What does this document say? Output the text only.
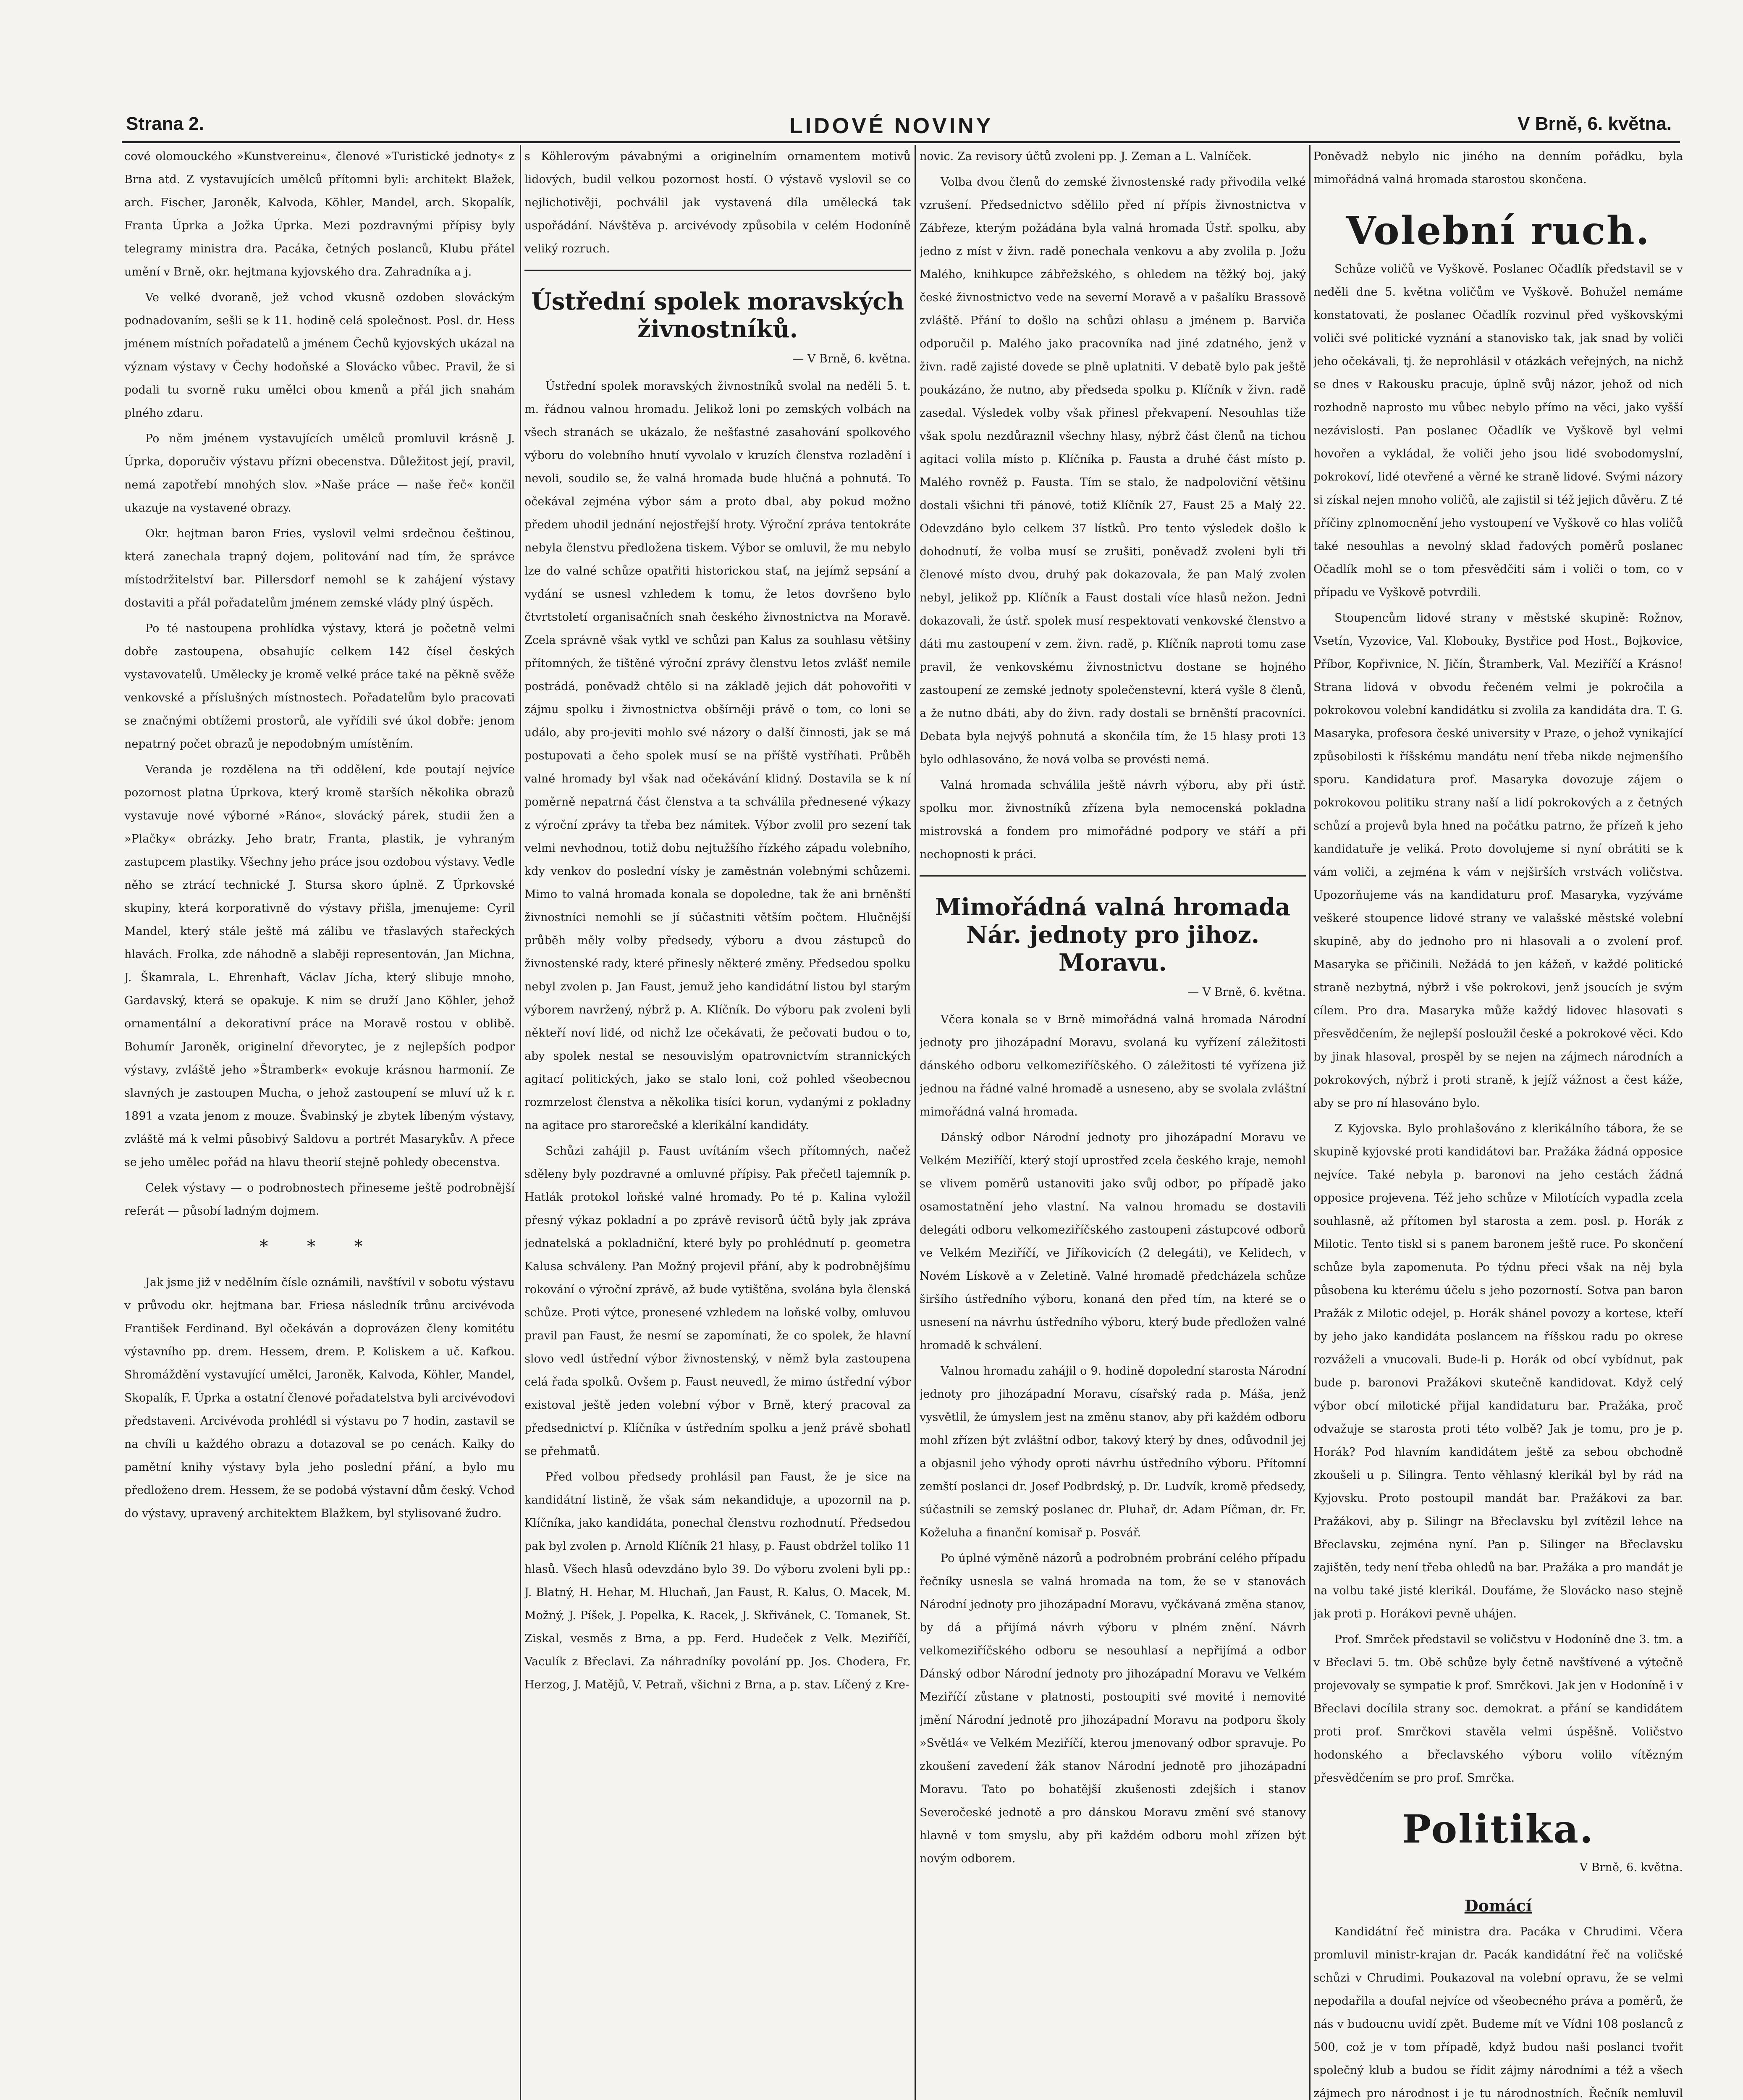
Strana 2.	LIDOVÉ NOVINY	V Brně, 6. května.

cové olomouckého »Kunstvereinu«, členové »Turistické jednoty« z Brna atd. Z vystavujících umělců přítomni byli: architekt Blažek, arch. Fischer, Jaroněk, Kalvoda, Köhler, Mandel, arch. Skopalík, Franta Úprka a Jožka Úprka. Mezi pozdravnými přípisy byly telegramy ministra dra. Pacáka, četných poslanců, Klubu přátel umění v Brně, okr. hejtmana kyjovského dra. Zahradníka a j.

Ve velké dvoraně, jež vchod vkusně ozdoben slováckým podnadovaním, sešli se k 11. hodině celá společnost. Posl. dr. Hess jménem místních pořadatelů a jménem Čechů kyjovských ukázal na význam výstavy v Čechy hodoňské a Slovácko vůbec. Pravil, že si podali tu svorně ruku umělci obou kmenů a přál jich snahám plného zdaru.

Po něm jménem vystavujících umělců promluvil krásně J. Úprka, doporučiv výstavu přízni obecenstva. Důležitost její, pravil, nemá zapotřebí mnohých slov. »Naše práce — naše řeč« končil ukazuje na vystavené obrazy.

Okr. hejtman baron Fries, vyslovil velmi srdečnou češtinou, která zanechala trapný dojem, politování nad tím, že správce místodržitelství bar. Pillersdorf nemohl se k zahájení výstavy dostaviti a přál pořadatelům jménem zemské vlády plný úspěch.

Po té nastoupena prohlídka výstavy, která je početně velmi dobře zastoupena, obsahujíc celkem 142 čísel českých vystavovatelů. Umělecky je kromě velké práce také na pěkně svěže venkovské a příslušných místnostech. Pořadatelům bylo pracovati se značnými obtížemi prostorů, ale vyřídili své úkol dobře: jenom nepatrný počet obrazů je nepodobným umístěním.

Veranda je rozdělena na tři oddělení, kde poutají nejvíce pozornost platna Úprkova, který kromě starších několika obrazů vystavuje nové výborné »Ráno«, slovácký párek, studii žen a »Plačky« obrázky. Jeho bratr, Franta, plastik, je vyhraným zastupcem plastiky. Všechny jeho práce jsou ozdobou výstavy. Vedle něho se ztrácí technické J. Stursa skoro úplně. Z Úprkovské skupiny, která korporativně do výstavy přišla, jmenujeme: Cyril Mandel, který stále ještě má zálibu ve třaslavých stařeckých hlavách. Frolka, zde náhodně a slaběji representován, Jan Michna, J. Škamrala, L. Ehrenhaft, Václav Jícha, který slibuje mnoho, Gardavský, která se opakuje. K nim se druží Jano Köhler, jehož ornamentální a dekorativní práce na Moravě rostou v oblibě. Bohumír Jaroněk, originelní dřevorytec, je z nejlepších podpor výstavy, zvláště jeho »Štramberk« evokuje krásnou harmonií. Ze slavných je zastoupen Mucha, o jehož zastoupení se mluví už k r. 1891 a vzata jenom z mouze. Švabinský je zbytek líbeným výstavy, zvláště má k velmi působivý Saldovu a portrét Masarykův. A přece se jeho umělec pořád na hlavu theorií stejně pohledy obecenstva.

Celek výstavy — o podrobnostech přineseme ještě podrobnější referát — působí ladným dojmem.

* * *

Jak jsme již v nedělním čísle oznámili, navštívil v sobotu výstavu v průvodu okr. hejtmana bar. Friesa následník trůnu arcivévoda František Ferdinand. Byl očekáván a doprovázen členy komitétu výstavního pp. drem. Hessem, drem. P. Koliskem a uč. Kafkou. Shromáždění vystavující umělci, Jaroněk, Kalvoda, Köhler, Mandel, Skopalík, F. Úprka a ostatní členové pořadatelstva byli arcivévodovi představeni. Arcivévoda prohlédl si výstavu po 7 hodin, zastavil se na chvíli u každého obrazu a dotazoval se po cenách. Kaiky do pamětní knihy výstavy byla jeho poslední přání, a bylo mu předloženo drem. Hessem, že se podobá výstavní dům český. Vchod do výstavy, upravený architektem Blažkem, byl stylisované žudro.

s Köhlerovým pávabnými a originelním ornamentem motivů lidových, budil velkou pozornost hostí. O výstavě vyslovil se co nejlichotivěji, pochválil jak vystavená díla umělecká tak uspořádání. Návštěva p. arcivévody způsobila v celém Hodoníně veliký rozruch.

Ústřední spolek moravských živnostníků.
— V Brně, 6. května.

Ústřední spolek moravských živnostníků svolal na neděli 5. t. m. řádnou valnou hromadu. Jelikož loni po zemských volbách na všech stranách se ukázalo, že nešťastné zasahování spolkového výboru do volebního hnutí vyvolalo v kruzích členstva rozladění i nevoli, soudilo se, že valná hromada bude hlučná a pohnutá. To očekával zejména výbor sám a proto dbal, aby pokud možno předem uhodil jednání nejostřejší hroty. Výroční zpráva tentokráte nebyla členstvu předložena tiskem. Výbor se omluvil, že mu nebylo lze do valné schůze opatřiti historickou stať, na jejímž sepsání a vydání se usnesl vzhledem k tomu, že letos dovršeno bylo čtvrtstoletí organisačních snah českého živnostnictva na Moravě. Zcela správně však vytkl ve schůzi pan Kalus za souhlasu většiny přítomných, že tištěné výroční zprávy členstvu letos zvlášť nemile postrádá, poněvadž chtělo si na základě jejich dát pohovořiti v zájmu spolku i živnostnictva obšírněji právě o tom, co loni se událo, aby pro-jeviti mohlo své názory o další činnosti, jak se má postupovati a čeho spolek musí se na příště vystříhati. Průběh valné hromady byl však nad očekávání klidný. Dostavila se k ní poměrně nepatrná část členstva a ta schválila přednesené výkazy z výroční zprávy ta třeba bez námitek. Výbor zvolil pro sezení tak velmi nevhodnou, totiž dobu nejtužšího řízkého západu volebního, kdy venkov do poslední vísky je zaměstnán volebnými schůzemi. Mimo to valná hromada konala se dopoledne, tak že ani brněnští živnostníci nemohli se jí súčastniti větším počtem. Hlučnější průběh měly volby předsedy, výboru a dvou zástupců do živnostenské rady, které přinesly některé změny. Předsedou spolku nebyl zvolen p. Jan Faust, jemuž jeho kandidátní listou byl starým výborem navržený, nýbrž p. A. Klíčník. Do výboru pak zvoleni byli někteří noví lidé, od nichž lze očekávati, že pečovati budou o to, aby spolek nestal se nesouvislým opatrovnictvím strannických agitací politických, jako se stalo loni, což pohled všeobecnou rozmrzelost členstva a několika tisíci korun, vydanými z pokladny na agitace pro starorečské a klerikální kandidáty.

Schůzi zahájil p. Faust uvítáním všech přítomných, načež sděleny byly pozdravné a omluvné přípisy. Pak přečetl tajemník p. Hatlák protokol loňské valné hromady. Po té p. Kalina vyložil přesný výkaz pokladní a po zprávě revisorů účtů byly jak zpráva jednatelská a pokladniční, které byly po prohlédnutí p. geometra Kalusa schváleny. Pan Možný projevil přání, aby k podrobnějšímu rokování o výroční zprávě, až bude vytištěna, svolána byla členská schůze. Proti výtce, pronesené vzhledem na loňské volby, omluvou pravil pan Faust, že nesmí se zapomínati, že co spolek, že hlavní slovo vedl ústřední výbor živnostenský, v němž byla zastoupena celá řada spolků. Ovšem p. Faust neuvedl, že mimo ústřední výbor existoval ještě jeden volební výbor v Brně, který pracoval za předsednictví p. Klíčníka v ústředním spolku a jenž právě sbohatl se přehmatů.

Před volbou předsedy prohlásil pan Faust, že je sice na kandidátní listině, že však sám nekandiduje, a upozornil na p. Klíčníka, jako kandidáta, ponechal členstvu rozhodnutí. Předsedou pak byl zvolen p. Arnold Klíčník 21 hlasy, p. Faust obdržel toliko 11 hlasů. Všech hlasů odevzdáno bylo 39. Do výboru zvoleni byli pp.: J. Blatný, H. Hehar, M. Hluchaň, Jan Faust, R. Kalus, O. Macek, M. Možný, J. Píšek, J. Popelka, K. Racek, J. Skřivánek, C. Tomanek, St. Ziskal, vesměs z Brna, a pp. Ferd. Hudeček z Velk. Meziříčí, Vaculík z Břeclavi. Za náhradníky povolání pp. Jos. Chodera, Fr. Herzog, J. Matějů, V. Petraň, všichni z Brna, a p. stav. Líčený z Kre-

novic. Za revisory účtů zvoleni pp. J. Zeman a L. Valníček.

Volba dvou členů do zemské živnostenské rady přivodila velké vzrušení. Předsednictvo sdělilo před ní přípis živnostnictva v Zábřeze, kterým požádána byla valná hromada Ústř. spolku, aby jedno z míst v živn. radě ponechala venkovu a aby zvolila p. Jožu Malého, knihkupce zábřežského, s ohledem na těžký boj, jaký české živnostnictvo vede na severní Moravě a v pašalíku Brassově zvláště. Přání to došlo na schůzi ohlasu a jménem p. Barviča odporučil p. Malého jako pracovníka nad jiné zdatného, jenž v živn. radě zajisté dovede se plně uplatniti. V debatě bylo pak ještě poukázáno, že nutno, aby předseda spolku p. Klíčník v živn. radě zasedal. Výsledek volby však přinesl překvapení. Nesouhlas tiže však spolu nezdůraznil všechny hlasy, nýbrž část členů na tichou agitaci volila místo p. Klíčníka p. Fausta a druhé část místo p. Malého rovněž p. Fausta. Tím se stalo, že nadpoloviční většinu dostali všichni tři pánové, totiž Klíčník 27, Faust 25 a Malý 22. Odevzdáno bylo celkem 37 lístků. Pro tento výsledek došlo k dohodnutí, že volba musí se zrušiti, poněvadž zvoleni byli tři členové místo dvou, druhý pak dokazovala, že pan Malý zvolen nebyl, jelikož pp. Klíčník a Faust dostali více hlasů nežon. Jedni dokazovali, že ústř. spolek musí respektovati venkovské členstvo a dáti mu zastoupení v zem. živn. radě, p. Klíčník naproti tomu zase pravil, že venkovskému živnostnictvu dostane se hojného zastoupení ze zemské jednoty společenstevní, která vyšle 8 členů, a že nutno dbáti, aby do živn. rady dostali se brněnští pracovníci. Debata byla nejvýš pohnutá a skončila tím, že 15 hlasy proti 13 bylo odhlasováno, že nová volba se provésti nemá.

Valná hromada schválila ještě návrh výboru, aby při ústř. spolku mor. živnostníků zřízena byla nemocenská pokladna mistrovská a fondem pro mimořádné podpory ve stáří a při nechopnosti k práci.

Mimořádná valná hromada Nár. jednoty pro jihoz. Moravu.
— V Brně, 6. května.

Včera konala se v Brně mimořádná valná hromada Národní jednoty pro jihozápadní Moravu, svolaná ku vyřízení záležitosti dánského odboru velkomeziříčského. O záležitosti té vyřízena již jednou na řádné valné hromadě a usneseno, aby se svolala zvláštní mimořádná valná hromada.

Dánský odbor Národní jednoty pro jihozápadní Moravu ve Velkém Meziříčí, který stojí uprostřed zcela českého kraje, nemohl se vlivem poměrů ustanoviti jako svůj odbor, po případě jako osamostatnění jeho vlastní. Na valnou hromadu se dostavili delegáti odboru velkomeziříčského zastoupeni zástupcové odborů ve Velkém Meziříčí, ve Jiříkovicích (2 delegáti), ve Kelidech, v Novém Lískově a v Zeletině. Valné hromadě předcházela schůze širšího ústředního výboru, konaná den před tím, na které se o usnesení na návrhu ústředního výboru, který bude předložen valné hromadě k schválení.

Valnou hromadu zahájil o 9. hodině dopolední starosta Národní jednoty pro jihozápadní Moravu, císařský rada p. Máša, jenž vysvětlil, že úmyslem jest na změnu stanov, aby při každém odboru mohl zřízen být zvláštní odbor, takový který by dnes, odůvodnil jej a objasnil jeho výhody oproti návrhu ústředního výboru. Přítomní zemští poslanci dr. Josef Podbrdský, p. Dr. Ludvík, kromě předsedy, súčastnili se zemský poslanec dr. Pluhař, dr. Adam Píčman, dr. Fr. Koželuha a finanční komisař p. Posvář.

Po úplné výměně názorů a podrobném probrání celého případu řečníky usnesla se valná hromada na tom, že se v stanovách Národní jednoty pro jihozápadní Moravu, vyčkávaná změna stanov, by dá a přijímá návrh výboru v plném znění. Návrh velkomeziříčského odboru se nesouhlasí a nepřijímá a odbor Dánský odbor Národní jednoty pro jihozápadní Moravu ve Velkém Meziříčí zůstane v platnosti, postoupiti své movité i nemovité jmění Národní jednotě pro jihozápadní Moravu na podporu školy »Světlá« ve Velkém Meziříčí, kterou jmenovaný odbor spravuje. Po zkoušení zavedení žák stanov Národní jednotě pro jihozápadní Moravu. Tato po bohatější zkušenosti zdejších i stanov Severočeské jednotě a pro dánskou Moravu změní své stanovy hlavně v tom smyslu, aby při každém odboru mohl zřízen být novým odborem.

Poněvadž nebylo nic jiného na denním pořádku, byla mimořádná valná hromada starostou skončena.

Volební ruch.

Schůze voličů ve Vyškově. Poslanec Očadlík představil se v neděli dne 5. května voličům ve Vyškově. Bohužel nemáme konstatovati, že poslanec Očadlík rozvinul před vyškovskými voliči své politické vyznání a stanovisko tak, jak snad by voliči jeho očekávali, tj. že neprohlásil v otázkách veřejných, na nichž se dnes v Rakousku pracuje, úplně svůj názor, jehož od nich rozhodně naprosto mu vůbec nebylo přímo na věci, jako vyšší nezávislosti. Pan poslanec Očadlík ve Vyškově byl velmi hovořen a vykládal, že voliči jeho jsou lidé svobodomyslní, pokrokoví, lidé otevřené a věrné ke straně lidové. Svými názory si získal nejen mnoho voličů, ale zajistil si též jejich důvěru. Z té příčiny zplnomocnění jeho vystoupení ve Vyškově co hlas voličů také nesouhlas a nevolný sklad řadových poměrů poslanec Očadlík mohl se o tom přesvědčiti sám i voliči o tom, co v případu ve Vyškově potvrdili.

Stoupencům lidové strany v městské skupině: Rožnov, Vsetín, Vyzovice, Val. Klobouky, Bystřice pod Host., Bojkovice, Příbor, Kopřivnice, N. Jičín, Štramberk, Val. Meziříčí a Krásno! Strana lidová v obvodu řečeném velmi je pokročila a pokrokovou volební kandidátku si zvolila za kandidáta dra. T. G. Masaryka, profesora české university v Praze, o jehož vynikající způsobilosti k říšskému mandátu není třeba nikde nejmenšího sporu. Kandidatura prof. Masaryka dovozuje zájem o pokrokovou politiku strany naší a lidí pokrokových a z četných schůzí a projevů byla hned na počátku patrno, že přízeň k jeho kandidatuře je veliká. Proto dovolujeme si nyní obrátiti se k vám voliči, a zejména k vám v nejširších vrstvách voličstva. Upozorňujeme vás na kandidaturu prof. Masaryka, vyzýváme veškeré stoupence lidové strany ve valašské městské volební skupině, aby do jednoho pro ni hlasovali a o zvolení prof. Masaryka se přičinili. Nežádá to jen kážeň, v každé politické straně nezbytná, nýbrž i vše pokrokovi, jenž jsoucích je svým cílem. Pro dra. Masaryka může každý lidovec hlasovati s přesvědčením, že nejlepší posloužil české a pokrokové věci. Kdo by jinak hlasoval, prospěl by se nejen na zájmech národních a pokrokových, nýbrž i proti straně, k jejíž vážnost a čest káže, aby se pro ní hlasováno bylo.

Z Kyjovska. Bylo prohlašováno z klerikálního tábora, že se skupině kyjovské proti kandidátovi bar. Pražáka žádná opposice nejvíce. Také nebyla p. baronovi na jeho cestách žádná opposice projevena. Též jeho schůze v Milotících vypadla zcela souhlasně, až přítomen byl starosta a zem. posl. p. Horák z Milotic. Tento tiskl si s panem baronem ještě ruce. Po skončení schůze byla zapomenuta. Po týdnu přeci však na něj byla působena ku kterému účelu s jeho pozorností. Sotva pan baron Pražák z Milotic odejel, p. Horák shánel povozy a kortese, kteří by jeho jako kandidáta poslancem na říšskou radu po okrese rozváželi a vnucovali. Bude-li p. Horák od obcí vybídnut, pak bude p. baronovi Pražákovi skutečně kandidovat. Když celý výbor obcí milotické přijal kandidaturu bar. Pražáka, proč odvažuje se starosta proti této volbě? Jak je tomu, pro je p. Horák? Pod hlavním kandidátem ještě za sebou obchodně zkoušeli u p. Silingra. Tento věhlasný klerikál byl by rád na Kyjovsku. Proto postoupil mandát bar. Pražákovi za bar. Pražákovi, aby p. Silingr na Břeclavsku byl zvítězil lehce na Břeclavsku, zejména nyní. Pan p. Silinger na Břeclavsku zajištěn, tedy není třeba ohledů na bar. Pražáka a pro mandát je na volbu také jisté klerikál. Doufáme, že Slovácko naso stejně jak proti p. Horákovi pevně uhájen.

Prof. Smrček představil se voličstvu v Hodoníně dne 3. tm. a v Břeclavi 5. tm. Obě schůze byly četně navštívené a výtečně projevovaly se sympatie k prof. Smrčkovi. Jak jen v Hodoníně i v Břeclavi docílila strany soc. demokrat. a přání se kandidátem proti prof. Smrčkovi stavěla velmi úspěšně. Voličstvo hodonského a břeclavského výboru volilo vítězným přesvědčením se pro prof. Smrčka.

Politika.
V Brně, 6. května.
Domácí

Kandidátní řeč ministra dra. Pacáka v Chrudimi. Včera promluvil ministr-krajan dr. Pacák kandidátní řeč na voličské schůzi v Chrudimi. Poukazoval na volební opravu, že se velmi nepodařila a doufal nejvíce od všeobecného práva a poměrů, že nás v budoucnu uvidí zpět. Budeme mít ve Vídni 108 poslanců z 500, což je v tom případě, když budou naši poslanci tvořit společný klub a budou se řídit zájmy národními a též a všech zájmech pro národnost i je tu národnostních. Řečník nemluvil
